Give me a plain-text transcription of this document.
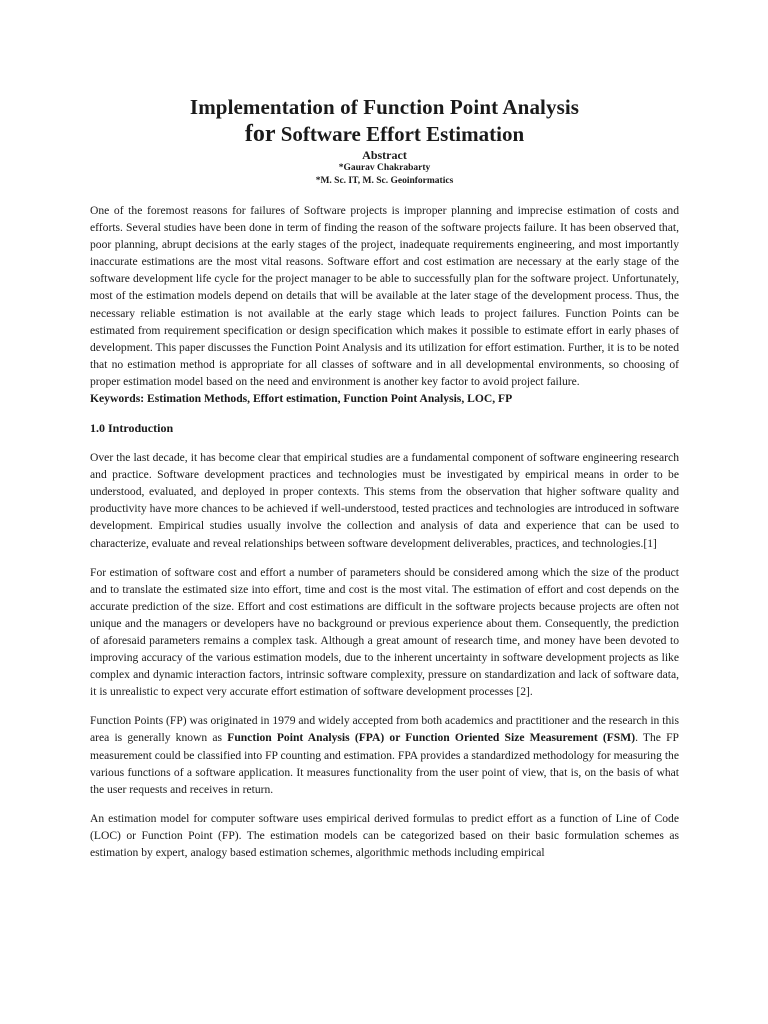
Implementation of Function Point Analysis
for Software Effort Estimation
Abstract
*Gaurav Chakrabarty
*M. Sc. IT, M. Sc. Geoinformatics

One of the foremost reasons for failures of Software projects is improper planning and imprecise estimation of costs and efforts. Several studies have been done in term of finding the reason of the software projects failure. It has been observed that, poor planning, abrupt decisions at the early stages of the project, inadequate requirements engineering, and most importantly inaccurate estimations are the most vital reasons. Software effort and cost estimation are necessary at the early stage of the software development life cycle for the project manager to be able to successfully plan for the software project. Unfortunately, most of the estimation models depend on details that will be available at the later stage of the development process. Thus, the necessary reliable estimation is not available at the early stage which leads to project failures. Function Points can be estimated from requirement specification or design specification which makes it possible to estimate effort in early phases of development. This paper discusses the Function Point Analysis and its utilization for effort estimation. Further, it is to be noted that no estimation method is appropriate for all classes of software and in all developmental environments, so choosing of proper estimation model based on the need and environment is another key factor to avoid project failure.

Keywords: Estimation Methods, Effort estimation, Function Point Analysis, LOC, FP
1.0 Introduction

Over the last decade, it has become clear that empirical studies are a fundamental component of software engineering research and practice. Software development practices and technologies must be investigated by empirical means in order to be understood, evaluated, and deployed in proper contexts. This stems from the observation that higher software quality and productivity have more chances to be achieved if well-understood, tested practices and technologies are introduced in software development. Empirical studies usually involve the collection and analysis of data and experience that can be used to characterize, evaluate and reveal relationships between software development deliverables, practices, and technologies.[1]

For estimation of software cost and effort a number of parameters should be considered among which the size of the product and to translate the estimated size into effort, time and cost is the most vital. The estimation of effort and cost depends on the accurate prediction of the size. Effort and cost estimations are difficult in the software projects because projects are often not unique and the managers or developers have no background or previous experience about them. Consequently, the prediction of aforesaid parameters remains a complex task. Although a great amount of research time, and money have been devoted to improving accuracy of the various estimation models, due to the inherent uncertainty in software development projects as like complex and dynamic interaction factors, intrinsic software complexity, pressure on standardization and lack of software data, it is unrealistic to expect very accurate effort estimation of software development processes [2].

Function Points (FP) was originated in 1979 and widely accepted from both academics and practitioner and the research in this area is generally known as Function Point Analysis (FPA) or Function Oriented Size Measurement (FSM). The FP measurement could be classified into FP counting and estimation. FPA provides a standardized methodology for measuring the various functions of a software application. It measures functionality from the user point of view, that is, on the basis of what the user requests and receives in return.

An estimation model for computer software uses empirical derived formulas to predict effort as a function of Line of Code (LOC) or Function Point (FP). The estimation models can be categorized based on their basic formulation schemes as estimation by expert, analogy based estimation schemes, algorithmic methods including empirical
